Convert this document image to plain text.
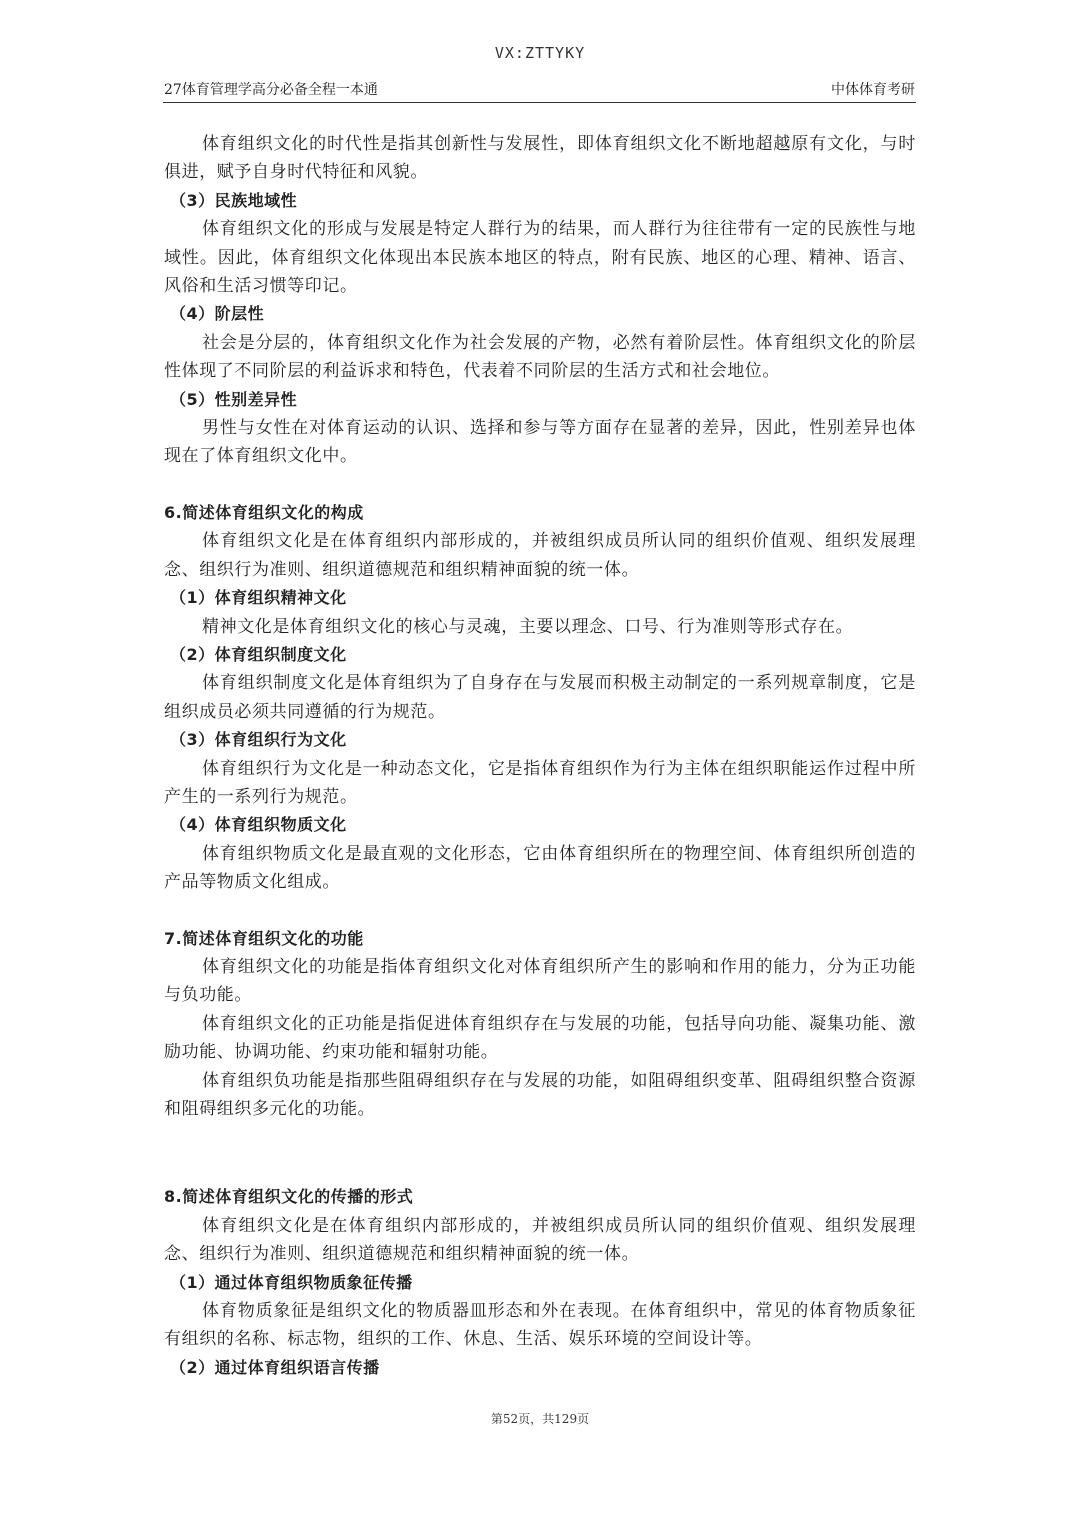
VX:ZTTYKY
27体育管理学高分必备全程一本通	中体体育考研

体育组织文化的时代性是指其创新性与发展性，即体育组织文化不断地超越原有文化，与时俱进，赋予自身时代特征和风貌。

（3）民族地域性

体育组织文化的形成与发展是特定人群行为的结果，而人群行为往往带有一定的民族性与地域性。因此，体育组织文化体现出本民族本地区的特点，附有民族、地区的心理、精神、语言、风俗和生活习惯等印记。

（4）阶层性

社会是分层的，体育组织文化作为社会发展的产物，必然有着阶层性。体育组织文化的阶层性体现了不同阶层的利益诉求和特色，代表着不同阶层的生活方式和社会地位。

（5）性别差异性

男性与女性在对体育运动的认识、选择和参与等方面存在显著的差异，因此，性别差异也体现在了体育组织文化中。

6.简述体育组织文化的构成

体育组织文化是在体育组织内部形成的，并被组织成员所认同的组织价值观、组织发展理念、组织行为准则、组织道德规范和组织精神面貌的统一体。

（1）体育组织精神文化

精神文化是体育组织文化的核心与灵魂，主要以理念、口号、行为准则等形式存在。

（2）体育组织制度文化

体育组织制度文化是体育组织为了自身存在与发展而积极主动制定的一系列规章制度，它是组织成员必须共同遵循的行为规范。

（3）体育组织行为文化

体育组织行为文化是一种动态文化，它是指体育组织作为行为主体在组织职能运作过程中所产生的一系列行为规范。

（4）体育组织物质文化

体育组织物质文化是最直观的文化形态，它由体育组织所在的物理空间、体育组织所创造的产品等物质文化组成。

7.简述体育组织文化的功能

体育组织文化的功能是指体育组织文化对体育组织所产生的影响和作用的能力，分为正功能与负功能。

体育组织文化的正功能是指促进体育组织存在与发展的功能，包括导向功能、凝集功能、激励功能、协调功能、约束功能和辐射功能。

体育组织负功能是指那些阻碍组织存在与发展的功能，如阻碍组织变革、阻碍组织整合资源和阻碍组织多元化的功能。

8.简述体育组织文化的传播的形式

体育组织文化是在体育组织内部形成的，并被组织成员所认同的组织价值观、组织发展理念、组织行为准则、组织道德规范和组织精神面貌的统一体。

（1）通过体育组织物质象征传播

体育物质象征是组织文化的物质器皿形态和外在表现。在体育组织中，常见的体育物质象征有组织的名称、标志物，组织的工作、休息、生活、娱乐环境的空间设计等。

（2）通过体育组织语言传播

第52页，共129页
